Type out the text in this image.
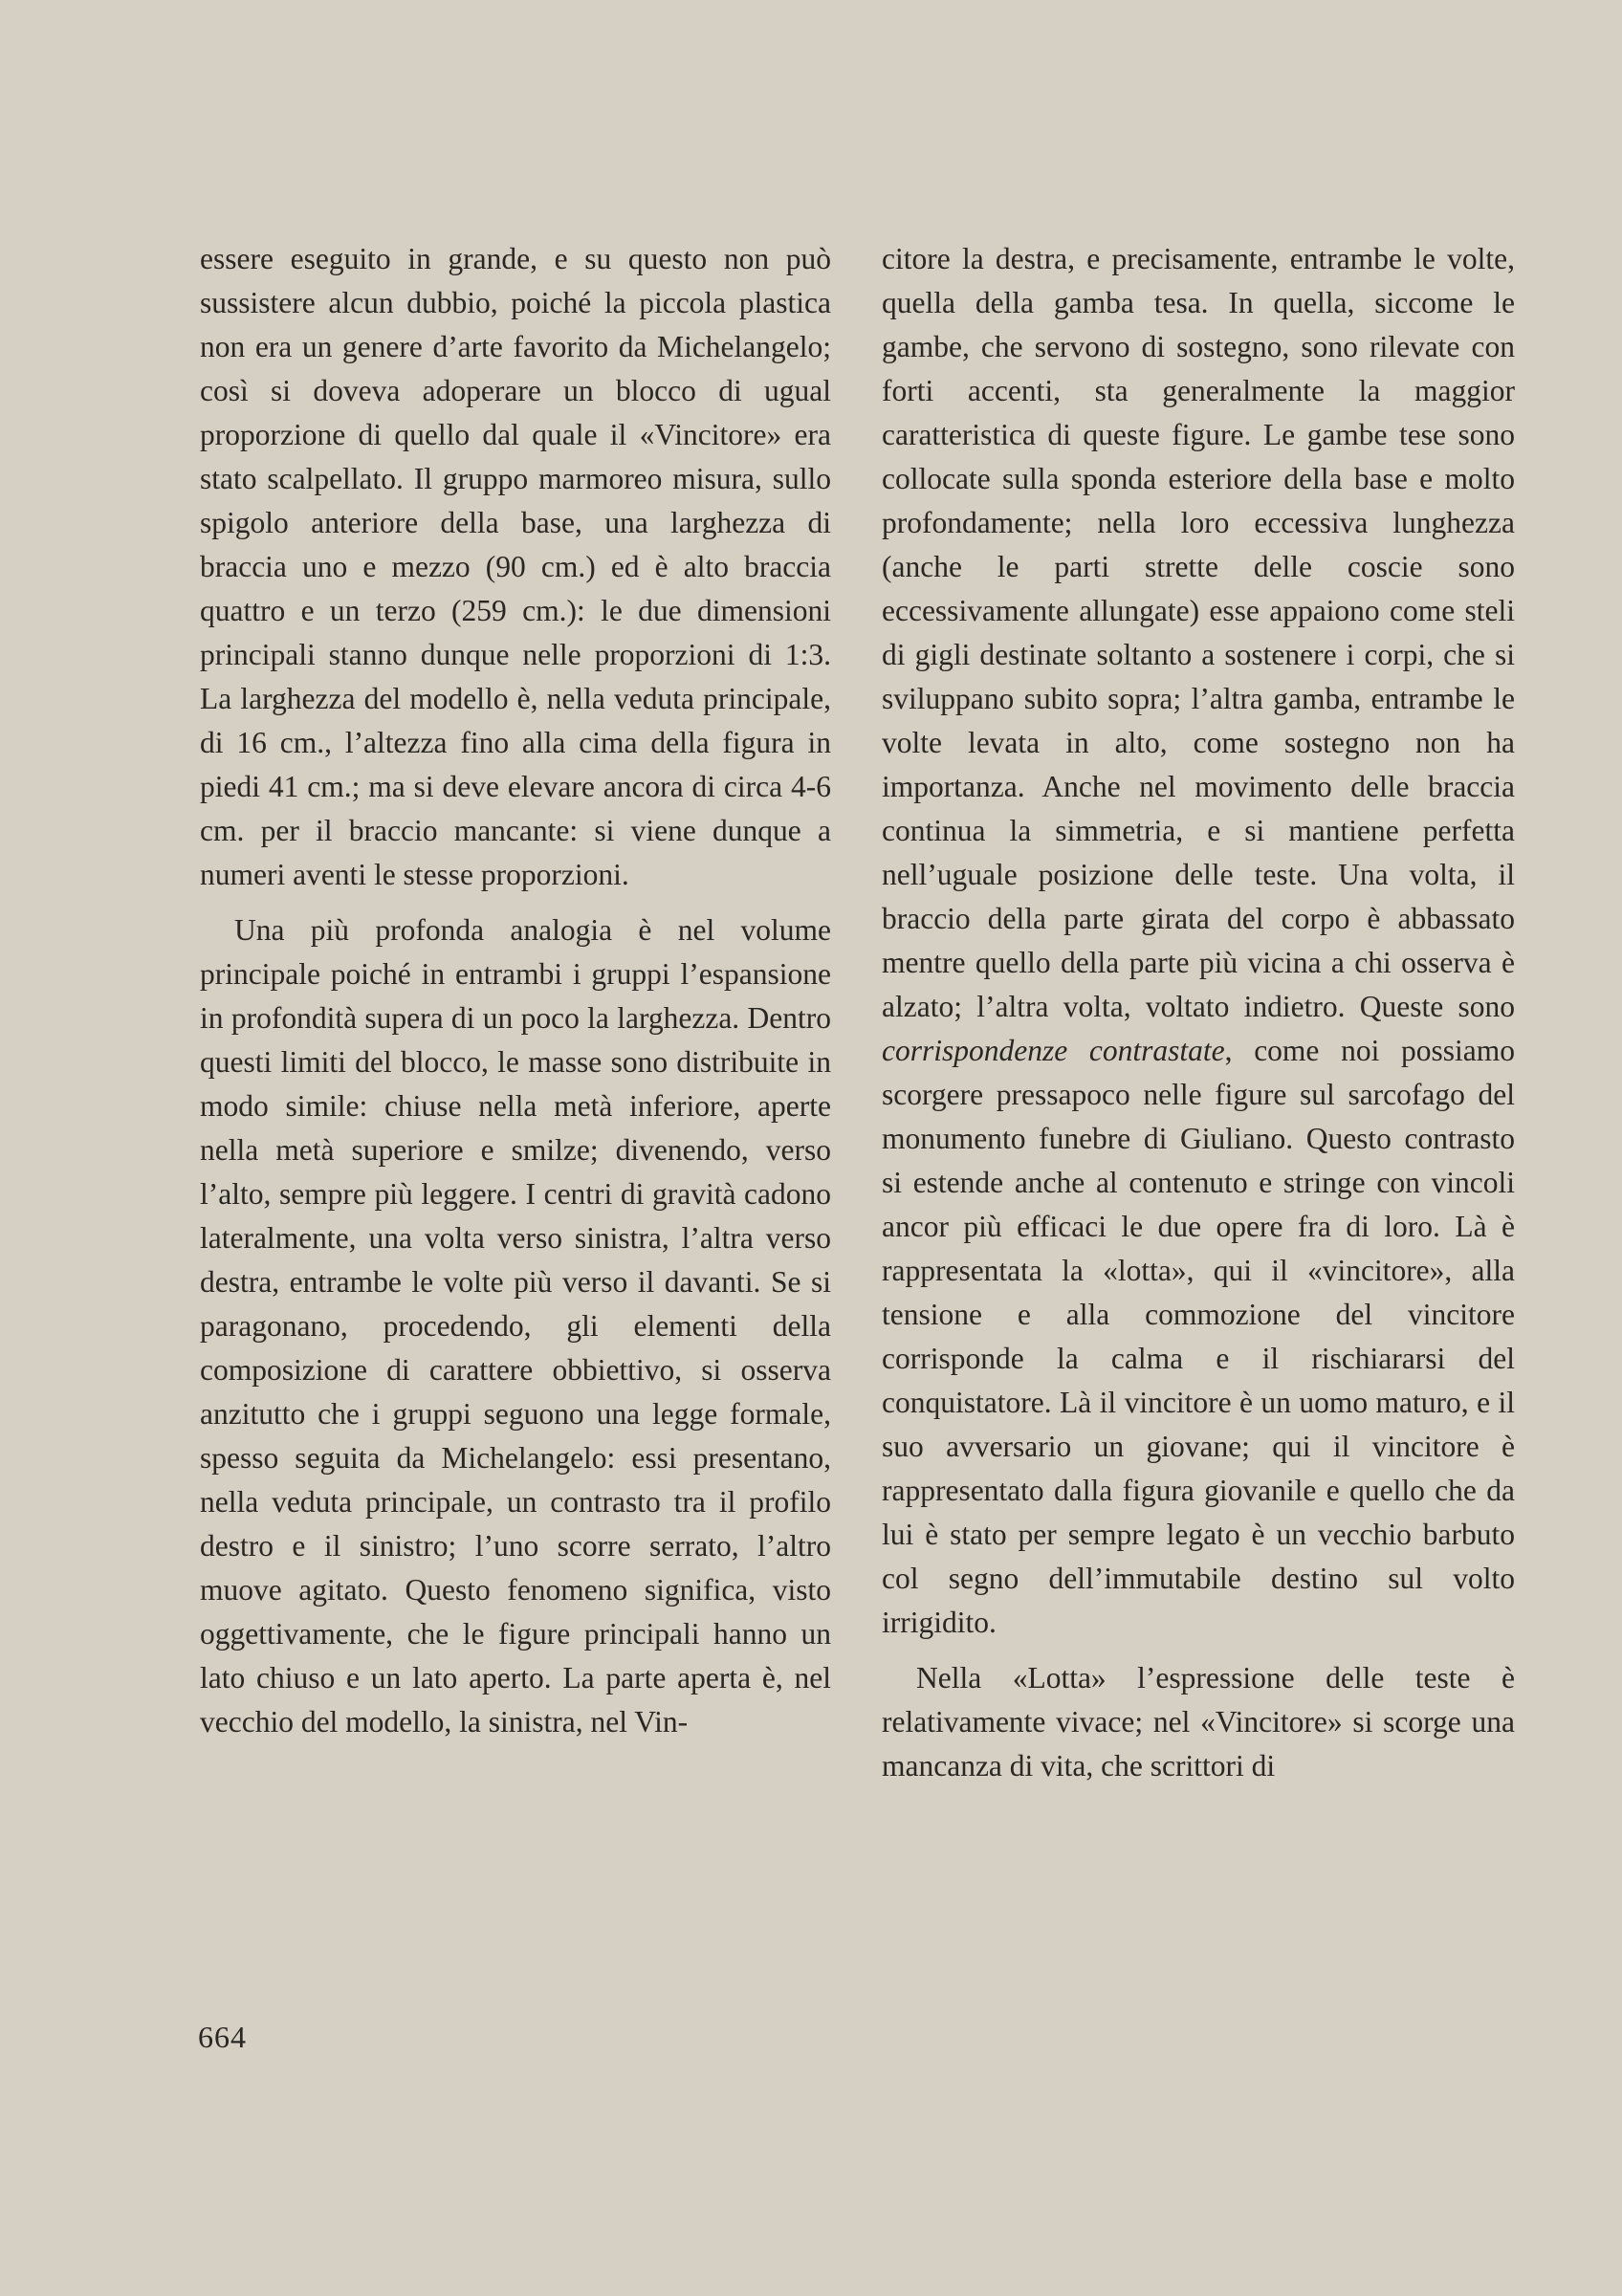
essere eseguito in grande, e su questo non può sussistere alcun dubbio, poiché la piccola plastica non era un genere d’arte favorito da Michelangelo; così si doveva adoperare un blocco di ugual proporzione di quello dal quale il «Vincitore» era stato scalpellato. Il gruppo marmoreo misura, sullo spigolo anteriore della base, una larghezza di braccia uno e mezzo (90 cm.) ed è alto braccia quattro e un terzo (259 cm.): le due dimensioni principali stanno dunque nelle proporzioni di 1:3. La larghezza del modello è, nella veduta principale, di 16 cm., l’altezza fino alla cima della figura in piedi 41 cm.; ma si deve elevare ancora di circa 4-6 cm. per il braccio mancante: si viene dunque a numeri aventi le stesse proporzioni.

Una più profonda analogia è nel volume principale poiché in entrambi i gruppi l’espansione in profondità supera di un poco la larghezza. Dentro questi limiti del blocco, le masse sono distribuite in modo simile: chiuse nella metà inferiore, aperte nella metà superiore e smilze; divenendo, verso l’alto, sempre più leggere. I centri di gravità cadono lateralmente, una volta verso sinistra, l’altra verso destra, entrambe le volte più verso il davanti. Se si paragonano, procedendo, gli elementi della composizione di carattere obbiettivo, si osserva anzitutto che i gruppi seguono una legge formale, spesso seguita da Michelangelo: essi presentano, nella veduta principale, un contrasto tra il profilo destro e il sinistro; l’uno scorre serrato, l’altro muove agitato. Questo fenomeno significa, visto oggettivamente, che le figure principali hanno un lato chiuso e un lato aperto. La parte aperta è, nel vecchio del modello, la sinistra, nel Vin-

citore la destra, e precisamente, entrambe le volte, quella della gamba tesa. In quella, siccome le gambe, che servono di sostegno, sono rilevate con forti accenti, sta generalmente la maggior caratteristica di queste figure. Le gambe tese sono collocate sulla sponda esteriore della base e molto profondamente; nella loro eccessiva lunghezza (anche le parti strette delle coscie sono eccessivamente allungate) esse appaiono come steli di gigli destinate soltanto a sostenere i corpi, che si sviluppano subito sopra; l’altra gamba, entrambe le volte levata in alto, come sostegno non ha importanza. Anche nel movimento delle braccia continua la simmetria, e si mantiene perfetta nell’uguale posizione delle teste. Una volta, il braccio della parte girata del corpo è abbassato mentre quello della parte più vicina a chi osserva è alzato; l’altra volta, voltato indietro. Queste sono corrispondenze contrastate, come noi possiamo scorgere pressapoco nelle figure sul sarcofago del monumento funebre di Giuliano. Questo contrasto si estende anche al contenuto e stringe con vincoli ancor più efficaci le due opere fra di loro. Là è rappresentata la «lotta», qui il «vincitore», alla tensione e alla commozione del vincitore corrisponde la calma e il rischiararsi del conquistatore. Là il vincitore è un uomo maturo, e il suo avversario un giovane; qui il vincitore è rappresentato dalla figura giovanile e quello che da lui è stato per sempre legato è un vecchio barbuto col segno dell’immutabile destino sul volto irrigidito.

Nella «Lotta» l’espressione delle teste è relativamente vivace; nel «Vincitore» si scorge una mancanza di vita, che scrittori di

664
